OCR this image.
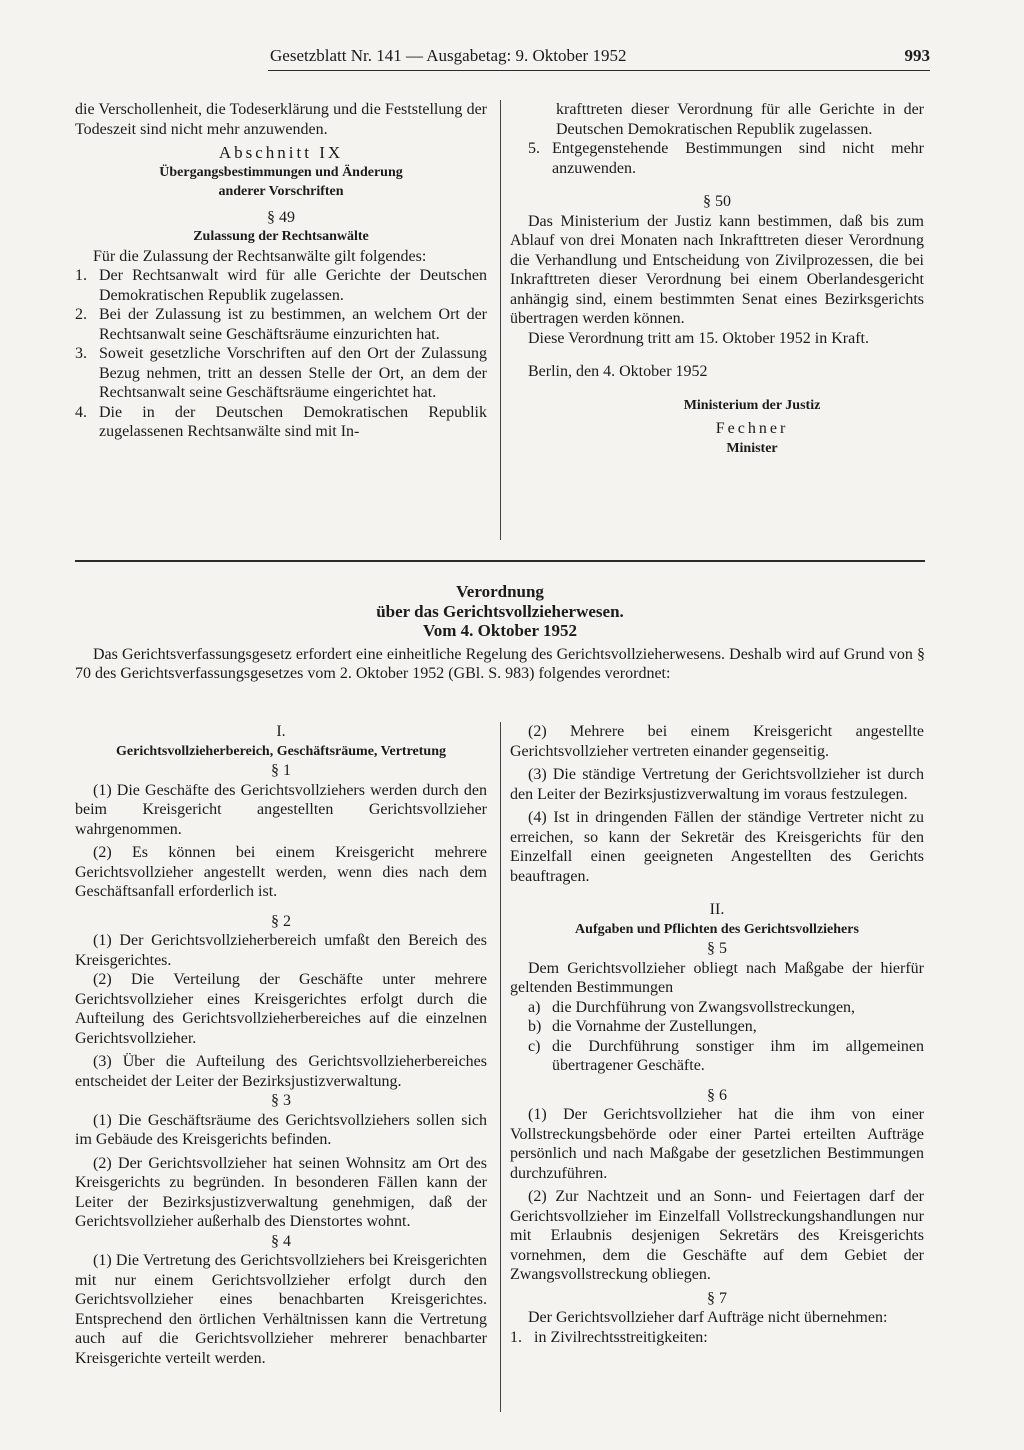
Gesetzblatt Nr. 141 — Ausgabetag: 9. Oktober 1952	993

die Verschollenheit, die Todeserklärung und die Feststellung der Todeszeit sind nicht mehr anzuwenden.

Abschnitt IX

Übergangsbestimmungen und Änderung

anderer Vorschriften

§ 49

Zulassung der Rechtsanwälte

Für die Zulassung der Rechtsanwälte gilt folgendes:

1. Der Rechtsanwalt wird für alle Gerichte der Deutschen Demokratischen Republik zugelassen.
2. Bei der Zulassung ist zu bestimmen, an welchem Ort der Rechtsanwalt seine Geschäftsräume einzurichten hat.
3. Soweit gesetzliche Vorschriften auf den Ort der Zulassung Bezug nehmen, tritt an dessen Stelle der Ort, an dem der Rechtsanwalt seine Geschäftsräume eingerichtet hat.
4. Die in der Deutschen Demokratischen Republik zugelassenen Rechtsanwälte sind mit In-

krafttreten dieser Verordnung für alle Gerichte in der Deutschen Demokratischen Republik zugelassen.

5. Entgegenstehende Bestimmungen sind nicht mehr anzuwenden.

§ 50

Das Ministerium der Justiz kann bestimmen, daß bis zum Ablauf von drei Monaten nach Inkrafttreten dieser Verordnung die Verhandlung und Entscheidung von Zivilprozessen, die bei Inkrafttreten dieser Verordnung bei einem Oberlandesgericht anhängig sind, einem bestimmten Senat eines Bezirksgerichts übertragen werden können.

Diese Verordnung tritt am 15. Oktober 1952 in Kraft.

Berlin, den 4. Oktober 1952

Ministerium der Justiz

Fechner

Minister

Verordnung

über das Gerichtsvollzieherwesen.

Vom 4. Oktober 1952

Das Gerichtsverfassungsgesetz erfordert eine einheitliche Regelung des Gerichtsvollzieherwesens. Deshalb wird auf Grund von § 70 des Gerichtsverfassungsgesetzes vom 2. Oktober 1952 (GBl. S. 983) folgendes verordnet:

I.

Gerichtsvollzieherbereich, Geschäftsräume, Vertretung

§ 1

(1) Die Geschäfte des Gerichtsvollziehers werden durch den beim Kreisgericht angestellten Gerichtsvollzieher wahrgenommen.

(2) Es können bei einem Kreisgericht mehrere Gerichtsvollzieher angestellt werden, wenn dies nach dem Geschäftsanfall erforderlich ist.

§ 2

(1) Der Gerichtsvollzieherbereich umfaßt den Bereich des Kreisgerichtes.

(2) Die Verteilung der Geschäfte unter mehrere Gerichtsvollzieher eines Kreisgerichtes erfolgt durch die Aufteilung des Gerichtsvollzieherbereiches auf die einzelnen Gerichtsvollzieher.

(3) Über die Aufteilung des Gerichtsvollzieherbereiches entscheidet der Leiter der Bezirksjustizverwaltung.

§ 3

(1) Die Geschäftsräume des Gerichtsvollziehers sollen sich im Gebäude des Kreisgerichts befinden.

(2) Der Gerichtsvollzieher hat seinen Wohnsitz am Ort des Kreisgerichts zu begründen. In besonderen Fällen kann der Leiter der Bezirksjustizverwaltung genehmigen, daß der Gerichtsvollzieher außerhalb des Dienstortes wohnt.

§ 4

(1) Die Vertretung des Gerichtsvollziehers bei Kreisgerichten mit nur einem Gerichtsvollzieher erfolgt durch den Gerichtsvollzieher eines benachbarten Kreisgerichtes. Entsprechend den örtlichen Verhältnissen kann die Vertretung auch auf die Gerichtsvollzieher mehrerer benachbarter Kreisgerichte verteilt werden.

(2) Mehrere bei einem Kreisgericht angestellte Gerichtsvollzieher vertreten einander gegenseitig.

(3) Die ständige Vertretung der Gerichtsvollzieher ist durch den Leiter der Bezirksjustizverwaltung im voraus festzulegen.

(4) Ist in dringenden Fällen der ständige Vertreter nicht zu erreichen, so kann der Sekretär des Kreisgerichts für den Einzelfall einen geeigneten Angestellten des Gerichts beauftragen.

II.

Aufgaben und Pflichten des Gerichtsvollziehers

§ 5

Dem Gerichtsvollzieher obliegt nach Maßgabe der hierfür geltenden Bestimmungen

a) die Durchführung von Zwangsvollstreckungen,
b) die Vornahme der Zustellungen,
c) die Durchführung sonstiger ihm im allgemeinen übertragener Geschäfte.

§ 6

(1) Der Gerichtsvollzieher hat die ihm von einer Vollstreckungsbehörde oder einer Partei erteilten Aufträge persönlich und nach Maßgabe der gesetzlichen Bestimmungen durchzuführen.

(2) Zur Nachtzeit und an Sonn- und Feiertagen darf der Gerichtsvollzieher im Einzelfall Vollstreckungshandlungen nur mit Erlaubnis desjenigen Sekretärs des Kreisgerichts vornehmen, dem die Geschäfte auf dem Gebiet der Zwangsvollstreckung obliegen.

§ 7

Der Gerichtsvollzieher darf Aufträge nicht übernehmen:

1. in Zivilrechtsstreitigkeiten:
